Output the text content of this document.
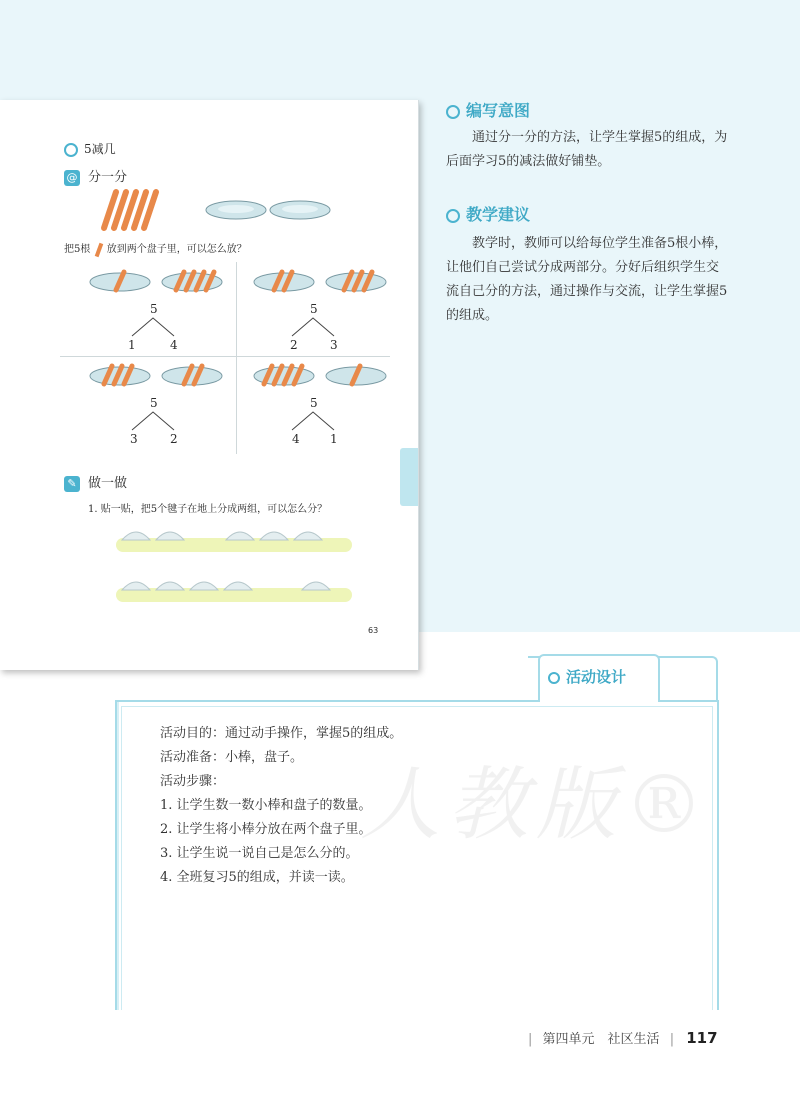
5减几
@ 分一分
把5根 放到两个盘子里，可以怎么放？
5
1	4
5
2	3
5
3	2
5
4	1
✎ 做一做
1. 贴一贴，把5个毽子在地上分成两组，可以怎么分？
63
编写意图
通过分一分的方法，让学生掌握5的组成，为后面学习5的减法做好铺垫。
教学建议
教学时，教师可以给每位学生准备5根小棒，让他们自己尝试分成两部分。分好后组织学生交流自己分的方法，通过操作与交流，让学生掌握5的组成。
活动设计
人教版®
活动目的：通过动手操作，掌握5的组成。
活动准备：小棒，盘子。
活动步骤：
1. 让学生数一数小棒和盘子的数量。
2. 让学生将小棒分放在两个盘子里。
3. 让学生说一说自己是怎么分的。
4. 全班复习5的组成，并读一读。
| 第四单元　社区生活 | 117
